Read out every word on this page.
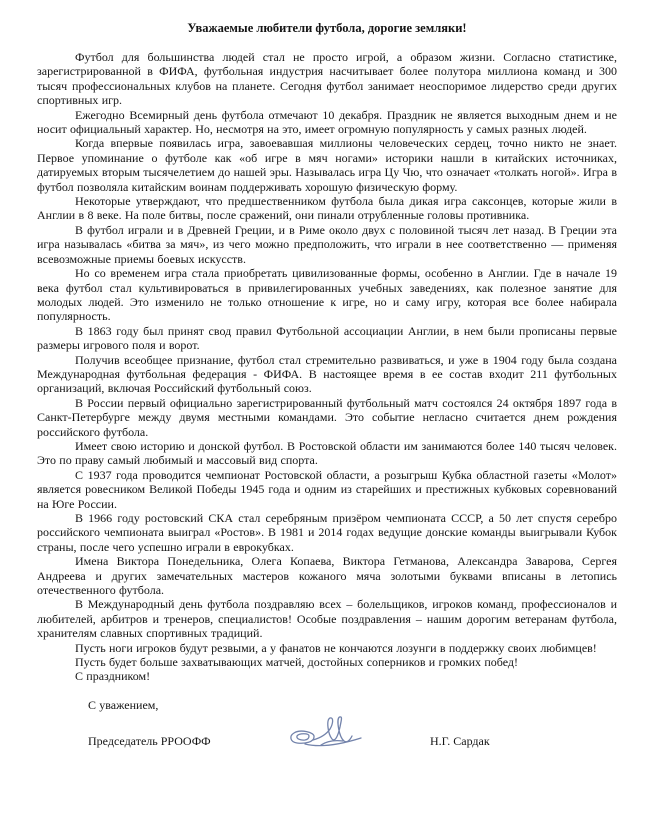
Уважаемые любители футбола, дорогие земляки!

Футбол для большинства людей стал не просто игрой, а образом жизни. Согласно статистике, зарегистрированной в ФИФА, футбольная индустрия насчитывает более полутора миллиона команд и 300 тысяч профессиональных клубов на планете. Сегодня футбол занимает неоспоримое лидерство среди других спортивных игр.

Ежегодно Всемирный день футбола отмечают 10 декабря. Праздник не является выходным днем и не носит официальный характер. Но, несмотря на это, имеет огромную популярность у самых разных людей.

Когда впервые появилась игра, завоевавшая миллионы человеческих сердец, точно никто не знает. Первое упоминание о футболе как «об игре в мяч ногами» историки нашли в китайских источниках, датируемых вторым тысячелетием до нашей эры. Называлась игра Цу Чю, что означает «толкать ногой». Игра в футбол позволяла китайским воинам поддерживать хорошую физическую форму.

Некоторые утверждают, что предшественником футбола была дикая игра саксонцев, которые жили в Англии в 8 веке. На поле битвы, после сражений, они пинали отрубленные головы противника.

В футбол играли и в Древней Греции, и в Риме около двух с половиной тысяч лет назад. В Греции эта игра называлась «битва за мяч», из чего можно предположить, что играли в нее соответственно — применяя всевозможные приемы боевых искусств.

Но со временем игра стала приобретать цивилизованные формы, особенно в Англии. Где в начале 19 века футбол стал культивироваться в привилегированных учебных заведениях, как полезное занятие для молодых людей. Это изменило не только отношение к игре, но и саму игру, которая все более набирала популярность.

В 1863 году был принят свод правил Футбольной ассоциации Англии, в нем были прописаны первые размеры игрового поля и ворот.

Получив всеобщее признание, футбол стал стремительно развиваться, и уже в 1904 году была создана Международная футбольная федерация - ФИФА. В настоящее время в ее состав входит 211 футбольных организаций, включая Российский футбольный союз.

В России первый официально зарегистрированный футбольный матч состоялся 24 октября 1897 года в Санкт-Петербурге между двумя местными командами. Это событие негласно считается днем рождения российского футбола.

Имеет свою историю и донской футбол. В Ростовской области им занимаются более 140 тысяч человек. Это по праву самый любимый и массовый вид спорта.

С 1937 года проводится чемпионат Ростовской области, а розыгрыш Кубка областной газеты «Молот» является ровесником Великой Победы 1945 года и одним из старейших и престижных кубковых соревнований на Юге России.

В 1966 году ростовский СКА стал серебряным призёром чемпионата СССР, а 50 лет спустя серебро российского чемпионата выиграл «Ростов». В 1981 и 2014 годах ведущие донские команды выигрывали Кубок страны, после чего успешно играли в еврокубках.

Имена Виктора Понедельника, Олега Копаева, Виктора Гетманова, Александра Заварова, Сергея Андреева и других замечательных мастеров кожаного мяча золотыми буквами вписаны в летопись отечественного футбола.

В Международный день футбола поздравляю всех – болельщиков, игроков команд, профессионалов и любителей, арбитров и тренеров, специалистов! Особые поздравления – нашим дорогим ветеранам футбола, хранителям славных спортивных традиций.

Пусть ноги игроков будут резвыми, а у фанатов не кончаются лозунги в поддержку своих любимцев!

Пусть будет больше захватывающих матчей, достойных соперников и громких побед!

С праздником!

С уважением,

Председатель РРООФФ	Н.Г. Сардак
